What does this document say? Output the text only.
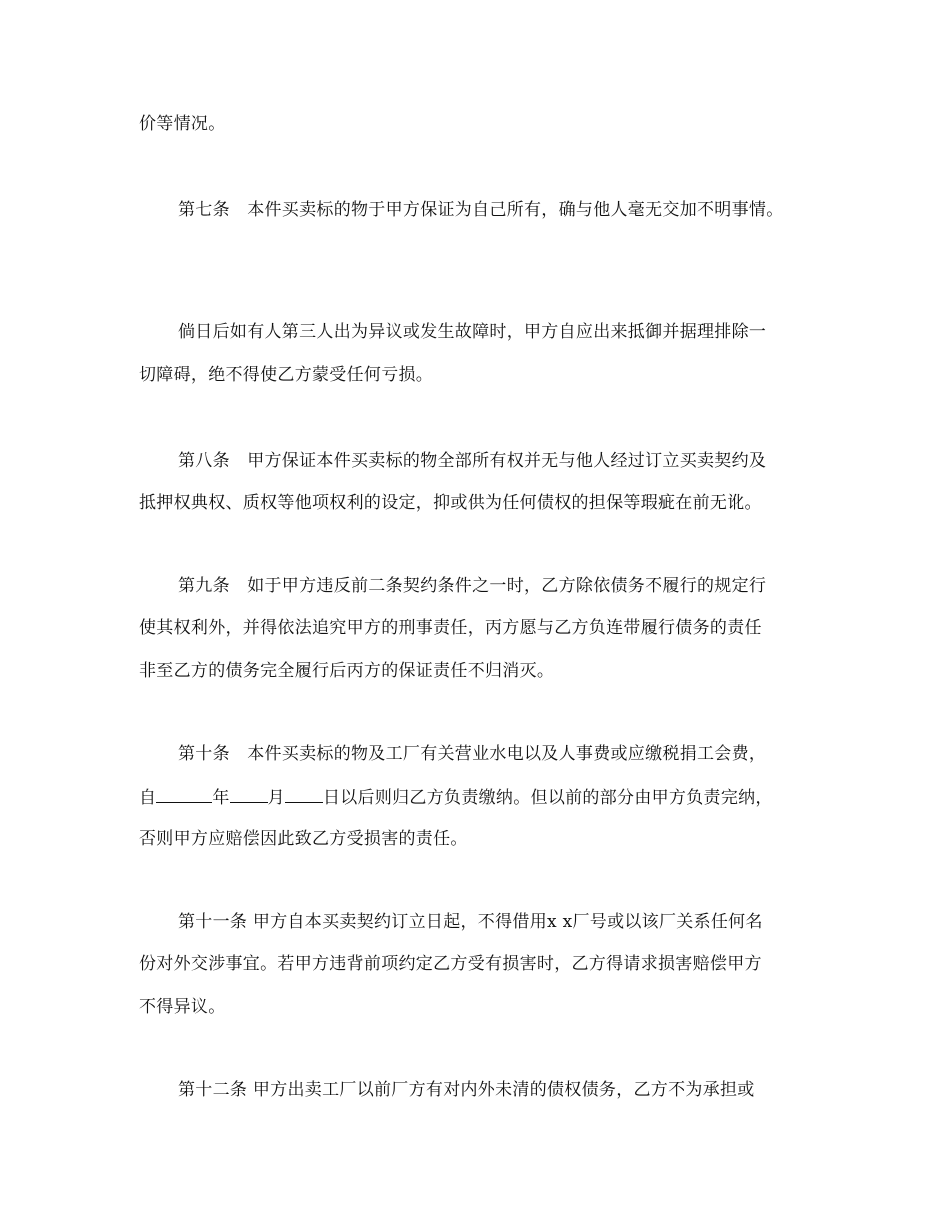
价等情况。
第七条　本件买卖标的物于甲方保证为自己所有，确与他人毫无交加不明事情。
倘日后如有人第三人出为异议或发生故障时，甲方自应出来抵御并据理排除一
切障碍，绝不得使乙方蒙受任何亏损。
第八条　甲方保证本件买卖标的物全部所有权并无与他人经过订立买卖契约及
抵押权典权、质权等他项权利的设定，抑或供为任何债权的担保等瑕疵在前无讹。
第九条　如于甲方违反前二条契约条件之一时，乙方除依债务不履行的规定行
使其权利外，并得依法追究甲方的刑事责任，丙方愿与乙方负连带履行债务的责任
非至乙方的债务完全履行后丙方的保证责任不归消灭。
第十条　本件买卖标的物及工厂有关营业水电以及人事费或应缴税捐工会费，
自	年 月 日以后则归乙方负责缴纳。但以前的部分由甲方负责完纳，
否则甲方应赔偿因此致乙方受损害的责任。
第十一条 甲方自本买卖契约订立日起，不得借用x x厂号或以该厂关系任何名
份对外交涉事宜。若甲方违背前项约定乙方受有损害时，乙方得请求损害赔偿甲方
不得异议。
第十二条 甲方出卖工厂以前厂方有对内外未清的债权债务，乙方不为承担或
